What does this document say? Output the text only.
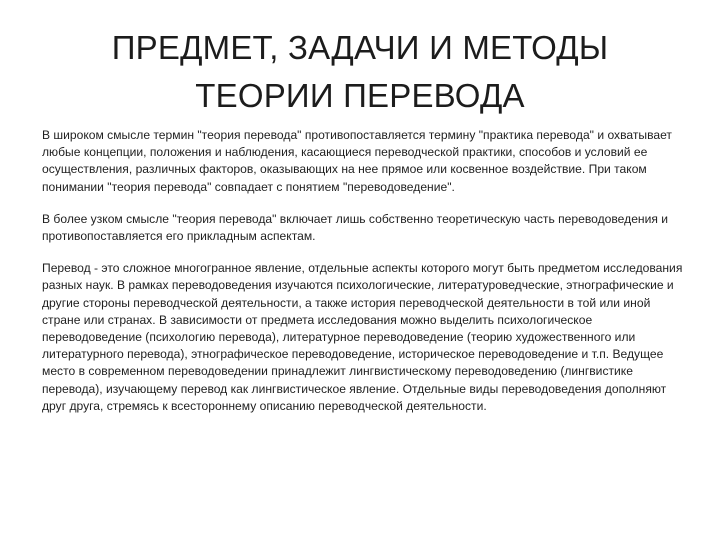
ПРЕДМЕТ, ЗАДАЧИ И МЕТОДЫ
ТЕОРИИ ПЕРЕВОДА

В широком смысле термин "теория перевода" противопоставляется термину "практика перевода" и охватывает любые концепции, положения и наблюдения, касающиеся переводческой практики, способов и условий ее осуществления, различных факторов, оказывающих на нее прямое или косвенное воздействие. При таком понимании "теория перевода" совпадает с понятием "переводоведение".

В более узком смысле "теория перевода" включает лишь собственно теоретическую часть переводоведения и противопоставляется его прикладным аспектам.

Перевод - это сложное многогранное явление, отдельные аспекты которого могут быть предметом исследования разных наук. В рамках переводоведения изучаются психологические, литературоведческие, этнографические и другие стороны переводческой деятельности, а также история переводческой деятельности в той или иной стране или странах. В зависимости от предмета исследования можно выделить психологическое переводоведение (психологию перевода), литературное переводоведение (теорию художественного или литературного перевода), этнографическое переводоведение, историческое переводоведение и т.п. Ведущее место в современном переводоведении принадлежит лингвистическому переводоведению (лингвистике перевода), изучающему перевод как лингвистическое явление. Отдельные виды переводоведения дополняют друг друга, стремясь к всестороннему описанию переводческой деятельности.
